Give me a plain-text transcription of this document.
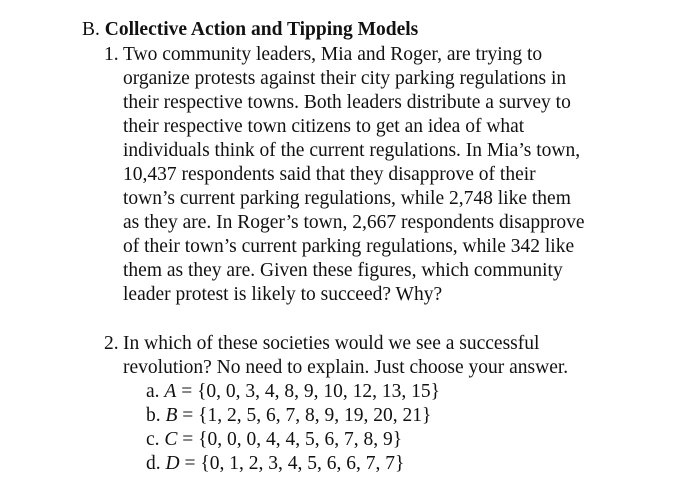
B. Collective Action and Tipping Models
1. Two community leaders, Mia and Roger, are trying to
organize protests against their city parking regulations in
their respective towns. Both leaders distribute a survey to
their respective town citizens to get an idea of what
individuals think of the current regulations. In Mia’s town,
10,437 respondents said that they disapprove of their
town’s current parking regulations, while 2,748 like them
as they are. In Roger’s town, 2,667 respondents disapprove
of their town’s current parking regulations, while 342 like
them as they are. Given these figures, which community
leader protest is likely to succeed? Why?
2. In which of these societies would we see a successful
revolution? No need to explain. Just choose your answer.
a. A = {0, 0, 3, 4, 8, 9, 10, 12, 13, 15}
b. B = {1, 2, 5, 6, 7, 8, 9, 19, 20, 21}
c. C = {0, 0, 0, 4, 4, 5, 6, 7, 8, 9}
d. D = {0, 1, 2, 3, 4, 5, 6, 6, 7, 7}
